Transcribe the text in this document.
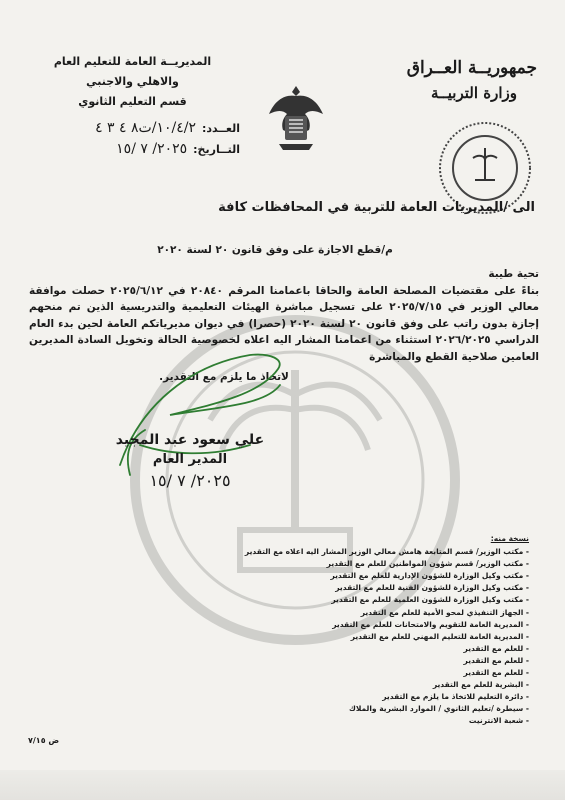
جمهوريــة العــراق
وزارة التربيــة
المديريــة العامة للتعليم العام
والاهلي والاجنبي
قسم التعليم الثانوي
العــدد:
١٠/٤/٢/ت٨ ٤ ٣ ٤
التــاريخ:
٢٠٢٥/ ٧ /١٥
الى /المديريات العامة للتربية في المحافظات كافة
م/قطع الاجازة على وفق قانون ٢٠ لسنة ٢٠٢٠
تحية طيبة
بناءً على مقتضيات المصلحة العامة والحاقا باعمامنا المرقم ٢٠٨٤٠ في ٢٠٢٥/٦/١٢ حصلت موافقة معالي الوزير في ٢٠٢٥/٧/١٥ على تسجيل مباشرة الهيئات التعليمية والتدريسية الذين تم منحهم إجازة بدون راتب على وفق قانون ٢٠ لسنة ٢٠٢٠ (حصرا) في ديوان مديرياتكم العامة لحين بدء العام الدراسي ٢٠٢٦/٢٠٢٥ استثناء من اعمامنا المشار اليه اعلاه لخصوصية الحالة وتخويل السادة المديرين العامين صلاحية القطع والمباشرة
لاتخاذ ما يلزم مع التقدير.
علي سعود عبد المجيد
المدير العام
٢٠٢٥/ ٧ /١٥
نسخة منه:
- مكتب الوزير/ قسم المتابعة هامش معالي الوزير المشار اليه اعلاه مع التقدير
- مكتب الوزير/ قسم شؤون المواطنين للعلم مع التقدير
- مكتب وكيل الوزارة للشؤون الإدارية للعلم مع التقدير
- مكتب وكيل الوزارة للشؤون الفنية للعلم مع التقدير
- مكتب وكيل الوزارة للشؤون العلمية للعلم مع التقدير
- الجهاز التنفيذي لمحو الأمية للعلم مع التقدير
- المديرية العامة للتقويم والامتحانات للعلم مع التقدير
- المديرية العامة للتعليم المهني للعلم مع التقدير
- للعلم مع التقدير
- للعلم مع التقدير
- للعلم مع التقدير
- البشرية للعلم مع التقدير
- دائرة التعليم للاتخاذ ما يلزم مع التقدير
- سيطرة /تعليم الثانوي / الموارد البشرية والملاك
- شعبة الانترنيت
ض ٧/١٥
